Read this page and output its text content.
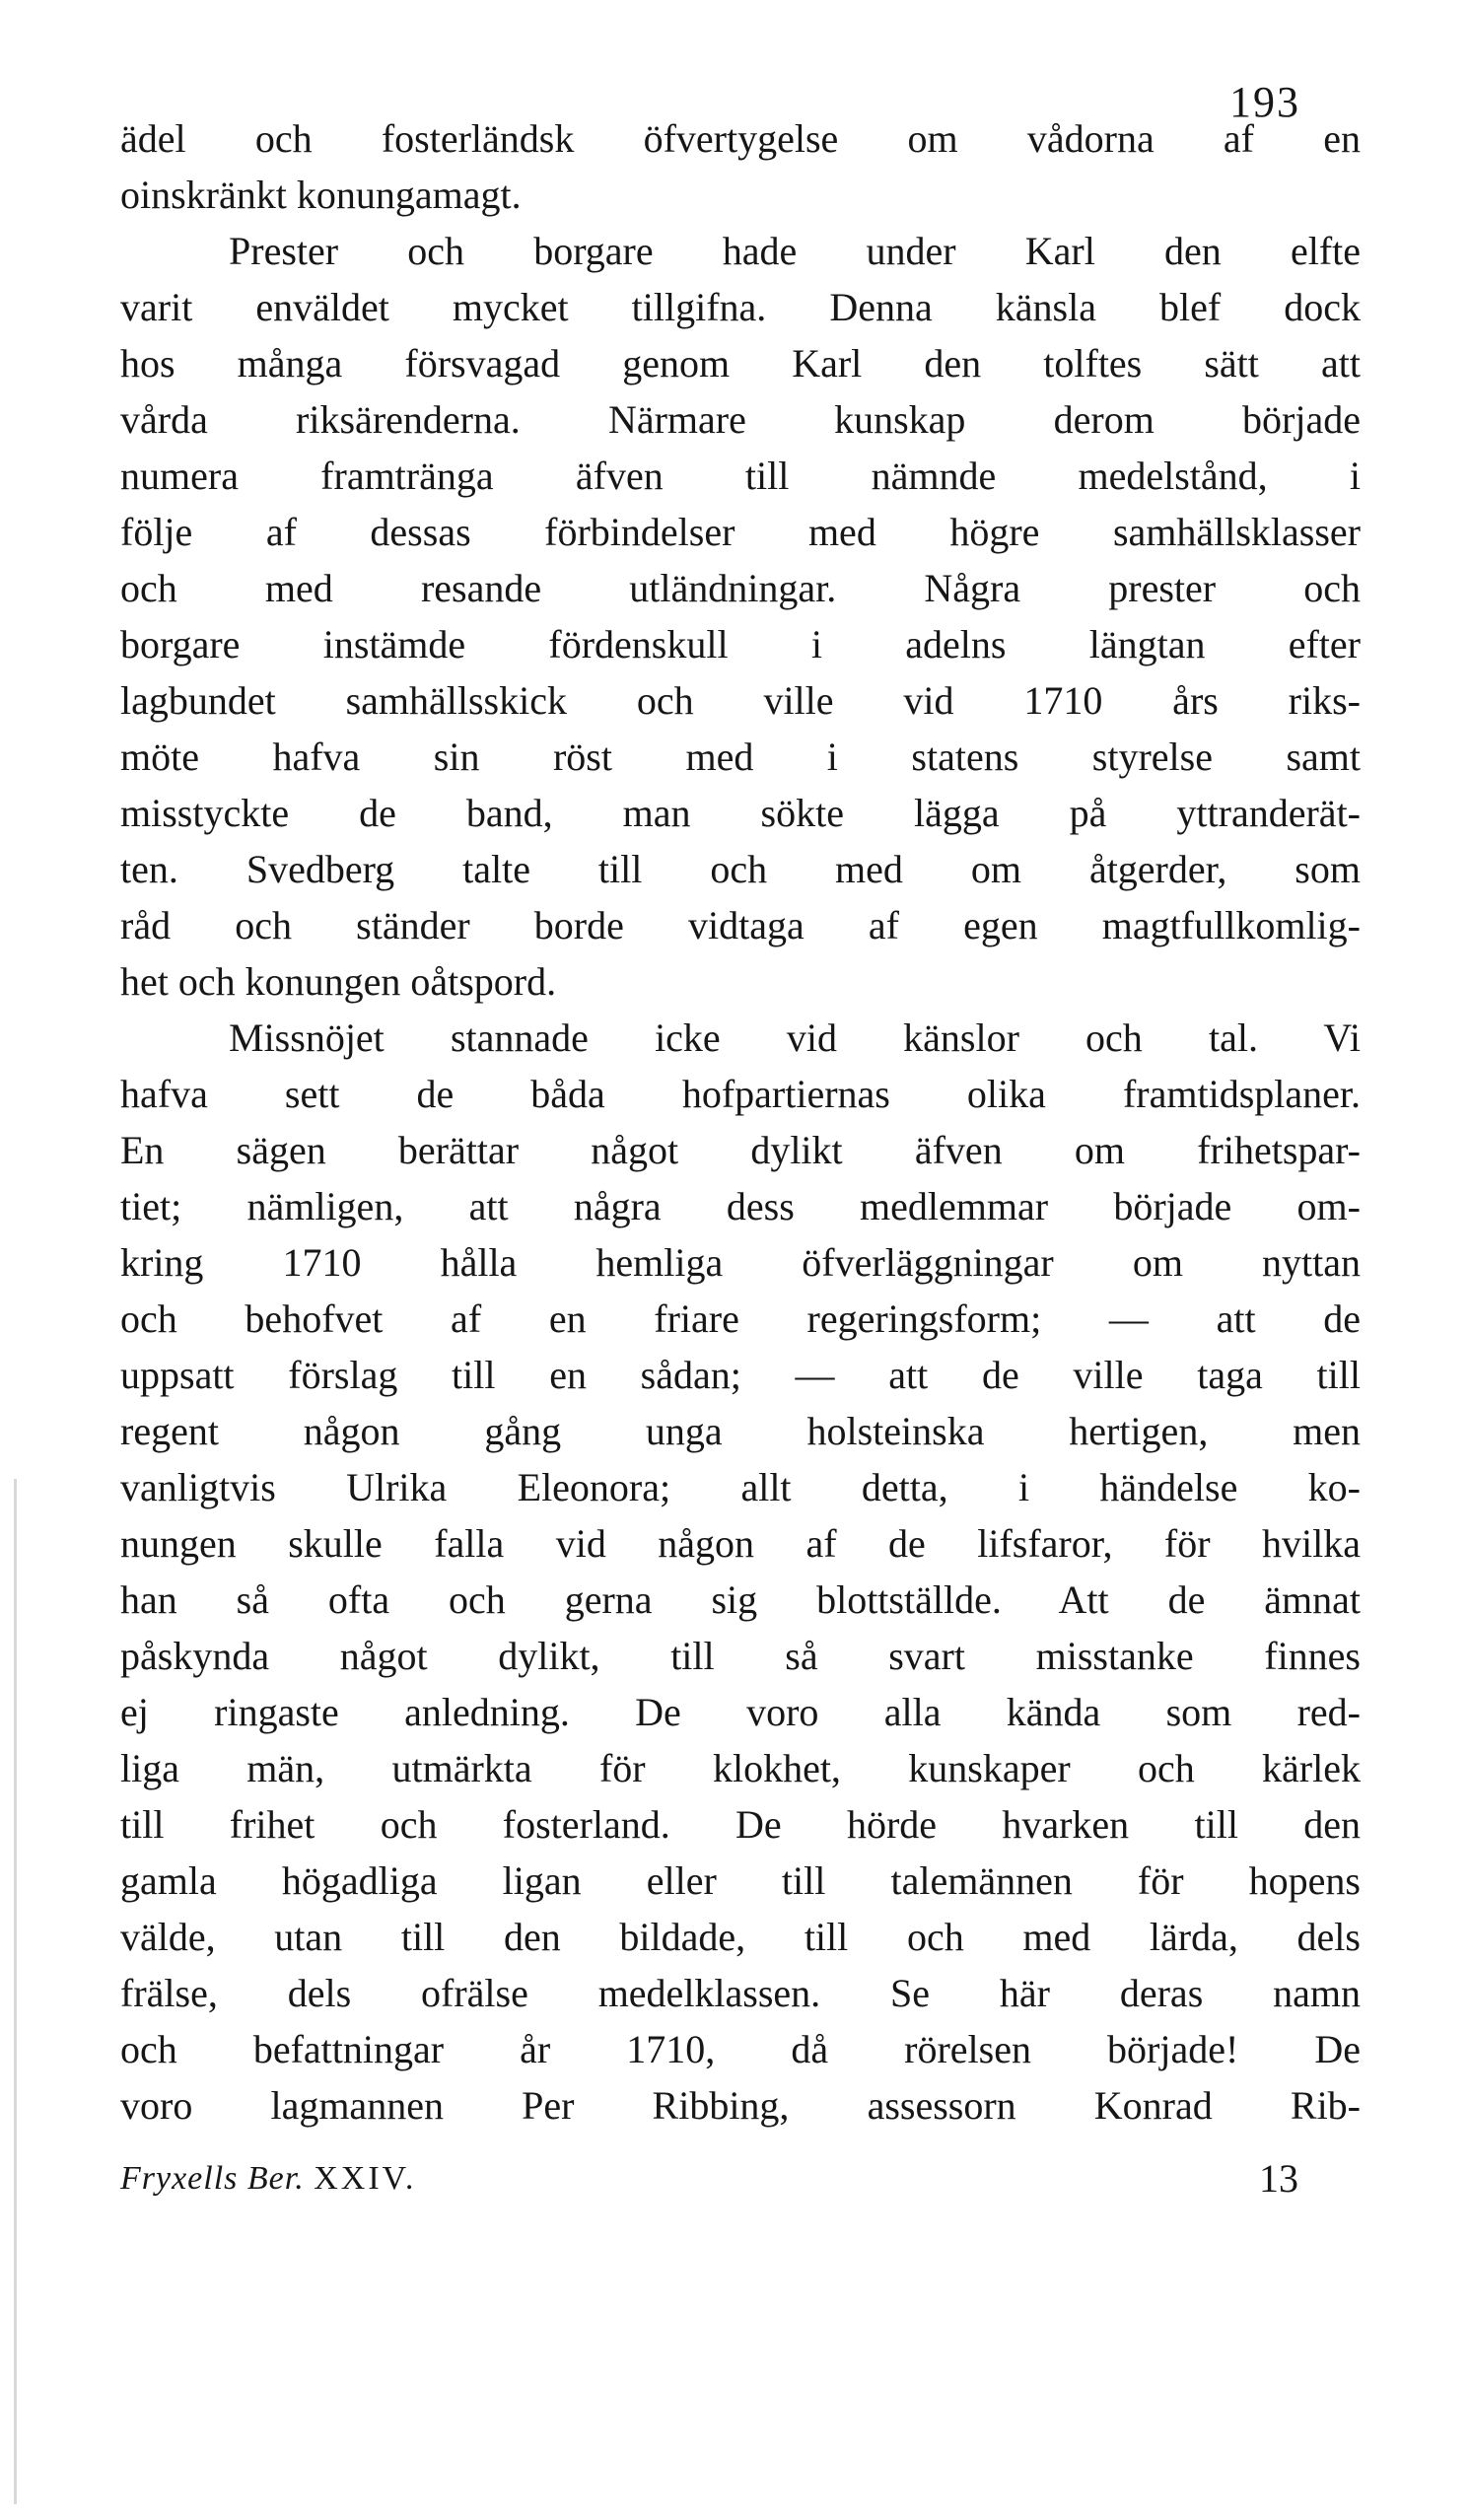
193
ädel och fosterländsk öfvertygelse om vådorna af en
oinskränkt konungamagt.
Prester och borgare hade under Karl den elfte
varit enväldet mycket tillgifna. Denna känsla blef dock
hos många försvagad genom Karl den tolftes sätt att
vårda riksärenderna. Närmare kunskap derom började
numera framtränga äfven till nämnde medelstånd, i
följe af dessas förbindelser med högre samhällsklasser
och med resande utländningar. Några prester och
borgare instämde fördenskull i adelns längtan efter
lagbundet samhällsskick och ville vid 1710 års riks-
möte hafva sin röst med i statens styrelse samt
misstyckte de band, man sökte lägga på yttranderät-
ten. Svedberg talte till och med om åtgerder, som
råd och ständer borde vidtaga af egen magtfullkomlig-
het och konungen oåtspord.
Missnöjet stannade icke vid känslor och tal. Vi
hafva sett de båda hofpartiernas olika framtidsplaner.
En sägen berättar något dylikt äfven om frihetspar-
tiet; nämligen, att några dess medlemmar började om-
kring 1710 hålla hemliga öfverläggningar om nyttan
och behofvet af en friare regeringsform; — att de
uppsatt förslag till en sådan; — att de ville taga till
regent någon gång unga holsteinska hertigen, men
vanligtvis Ulrika Eleonora; allt detta, i händelse ko-
nungen skulle falla vid någon af de lifsfaror, för hvilka
han så ofta och gerna sig blottställde. Att de ämnat
påskynda något dylikt, till så svart misstanke finnes
ej ringaste anledning. De voro alla kända som red-
liga män, utmärkta för klokhet, kunskaper och kärlek
till frihet och fosterland. De hörde hvarken till den
gamla högadliga ligan eller till talemännen för hopens
välde, utan till den bildade, till och med lärda, dels
frälse, dels ofrälse medelklassen. Se här deras namn
och befattningar år 1710, då rörelsen började! De
voro lagmannen Per Ribbing, assessorn Konrad Rib-
Fryxells Ber. XXIV.	13
